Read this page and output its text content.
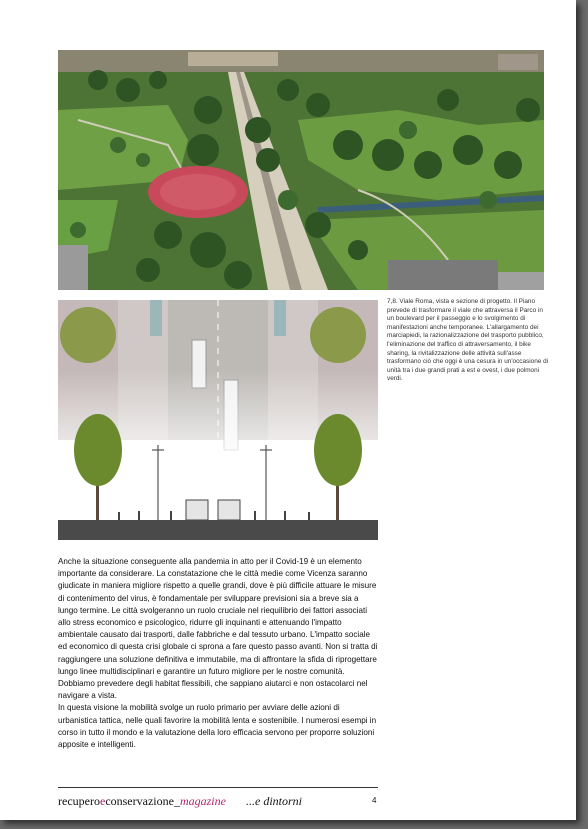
7,8. Viale Roma, vista e sezione di progetto. Il Piano prevede di trasformare il viale che attraversa il Parco in un boulevard per il passeggio e lo svolgimento di manifestazioni anche temporanee. L'allargamento dei marciapiedi, la razionalizzazione del trasporto pubblico, l'eliminazione del traffico di attraversamento, il bike sharing, la rivitalizzazione delle attività sull'asse trasformano ciò che oggi è una cesura in un'occasione di unità tra i due grandi prati a est e ovest, i due polmoni verdi.

Anche la situazione conseguente alla pandemia in atto per il Covid-19 è un elemento importante da considerare. La constatazione che le città medie come Vicenza saranno giudicate in maniera migliore rispetto a quelle grandi, dove è più difficile attuare le misure di contenimento del virus, è fondamentale per sviluppare previsioni sia a breve sia a lungo termine. Le città svolgeranno un ruolo cruciale nel riequilibrio dei fattori associati allo stress economico e psicologico, ridurre gli inquinanti e attenuando l'impatto ambientale causato dai trasporti, dalle fabbriche e dal tessuto urbano. L'impatto sociale ed economico di questa crisi globale ci sprona a fare questo passo avanti. Non si tratta di raggiungere una soluzione definitiva e immutabile, ma di affrontare la sfida di riprogettare lungo linee multidisciplinari e garantire un futuro migliore per le nostre comunità. Dobbiamo prevedere degli habitat flessibili, che sappiano aiutarci e non ostacolarci nel navigare a vista.

In questa visione la mobilità svolge un ruolo primario per avviare delle azioni di urbanistica tattica, nelle quali favorire la mobilità lenta e sostenibile. I numerosi esempi in corso in tutto il mondo e la valutazione della loro efficacia servono per proporre soluzioni apposite e intelligenti.

recuperoeconservazione_magazine ...e dintorni	4
